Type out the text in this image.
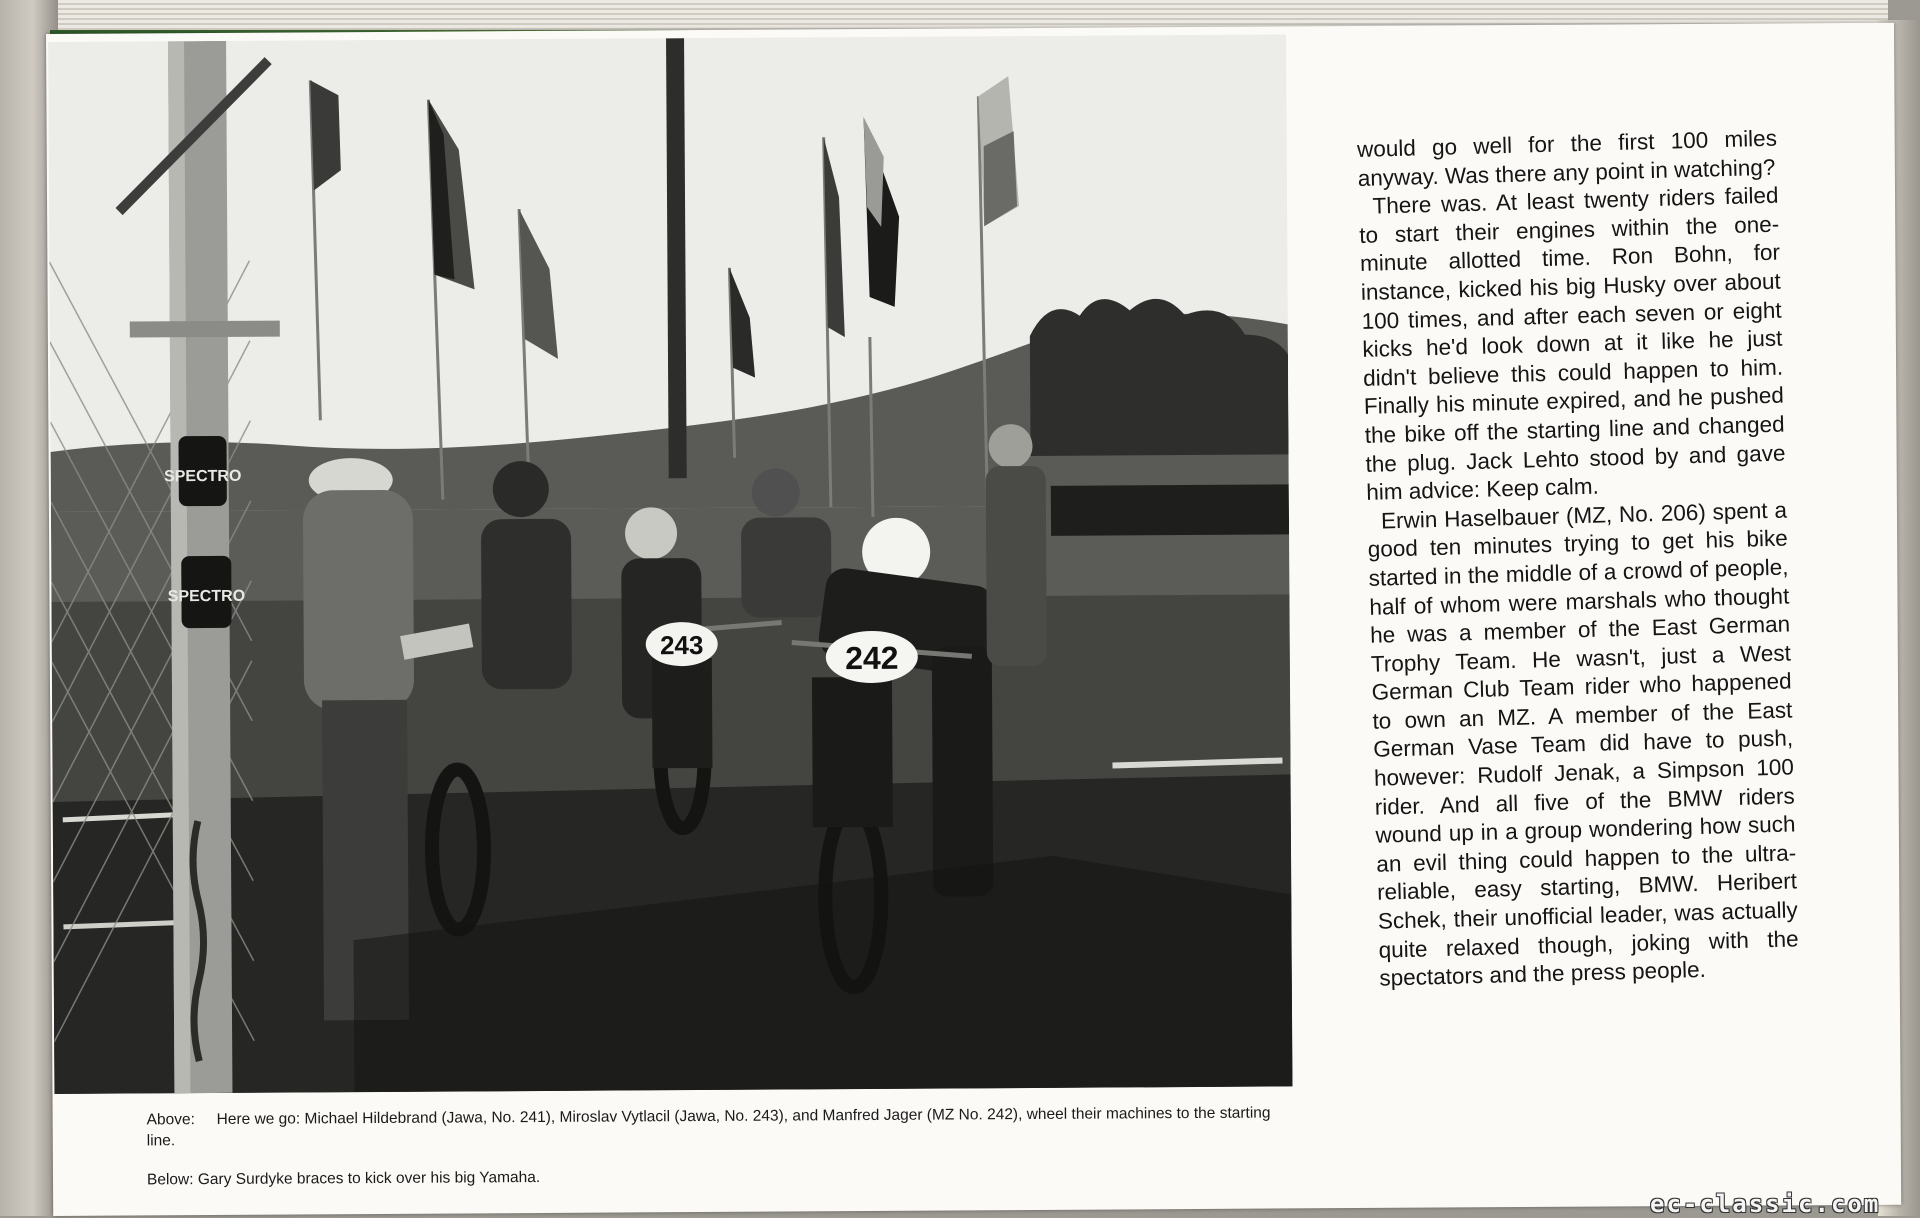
SPECTRO
SPECTRO
243	242
Above: Here we go: Michael Hildebrand (Jawa, No. 241), Miroslav Vytlacil (Jawa, No. 243), and Manfred Jager (MZ No. 242), wheel their machines to the starting line.
Below: Gary Surdyke braces to kick over his big Yamaha.

would go well for the first 100 miles anyway. Was there any point in watching?

There was. At least twenty riders failed to start their engines within the one-minute allotted time. Ron Bohn, for instance, kicked his big Husky over about 100 times, and after each seven or eight kicks he'd look down at it like he just didn't believe this could happen to him. Finally his minute expired, and he pushed the bike off the starting line and changed the plug. Jack Lehto stood by and gave him advice: Keep calm.

Erwin Haselbauer (MZ, No. 206) spent a good ten minutes trying to get his bike started in the middle of a crowd of people, half of whom were marshals who thought he was a member of the East German Trophy Team. He wasn't, just a West German Club Team rider who happened to own an MZ. A member of the East German Vase Team did have to push, however: Rudolf Jenak, a Simpson 100 rider. And all five of the BMW riders wound up in a group wondering how such an evil thing could happen to the ultra-reliable, easy starting, BMW. Heribert Schek, their unofficial leader, was actually quite relaxed though, joking with the spectators and the press people.

ec-classic.com
